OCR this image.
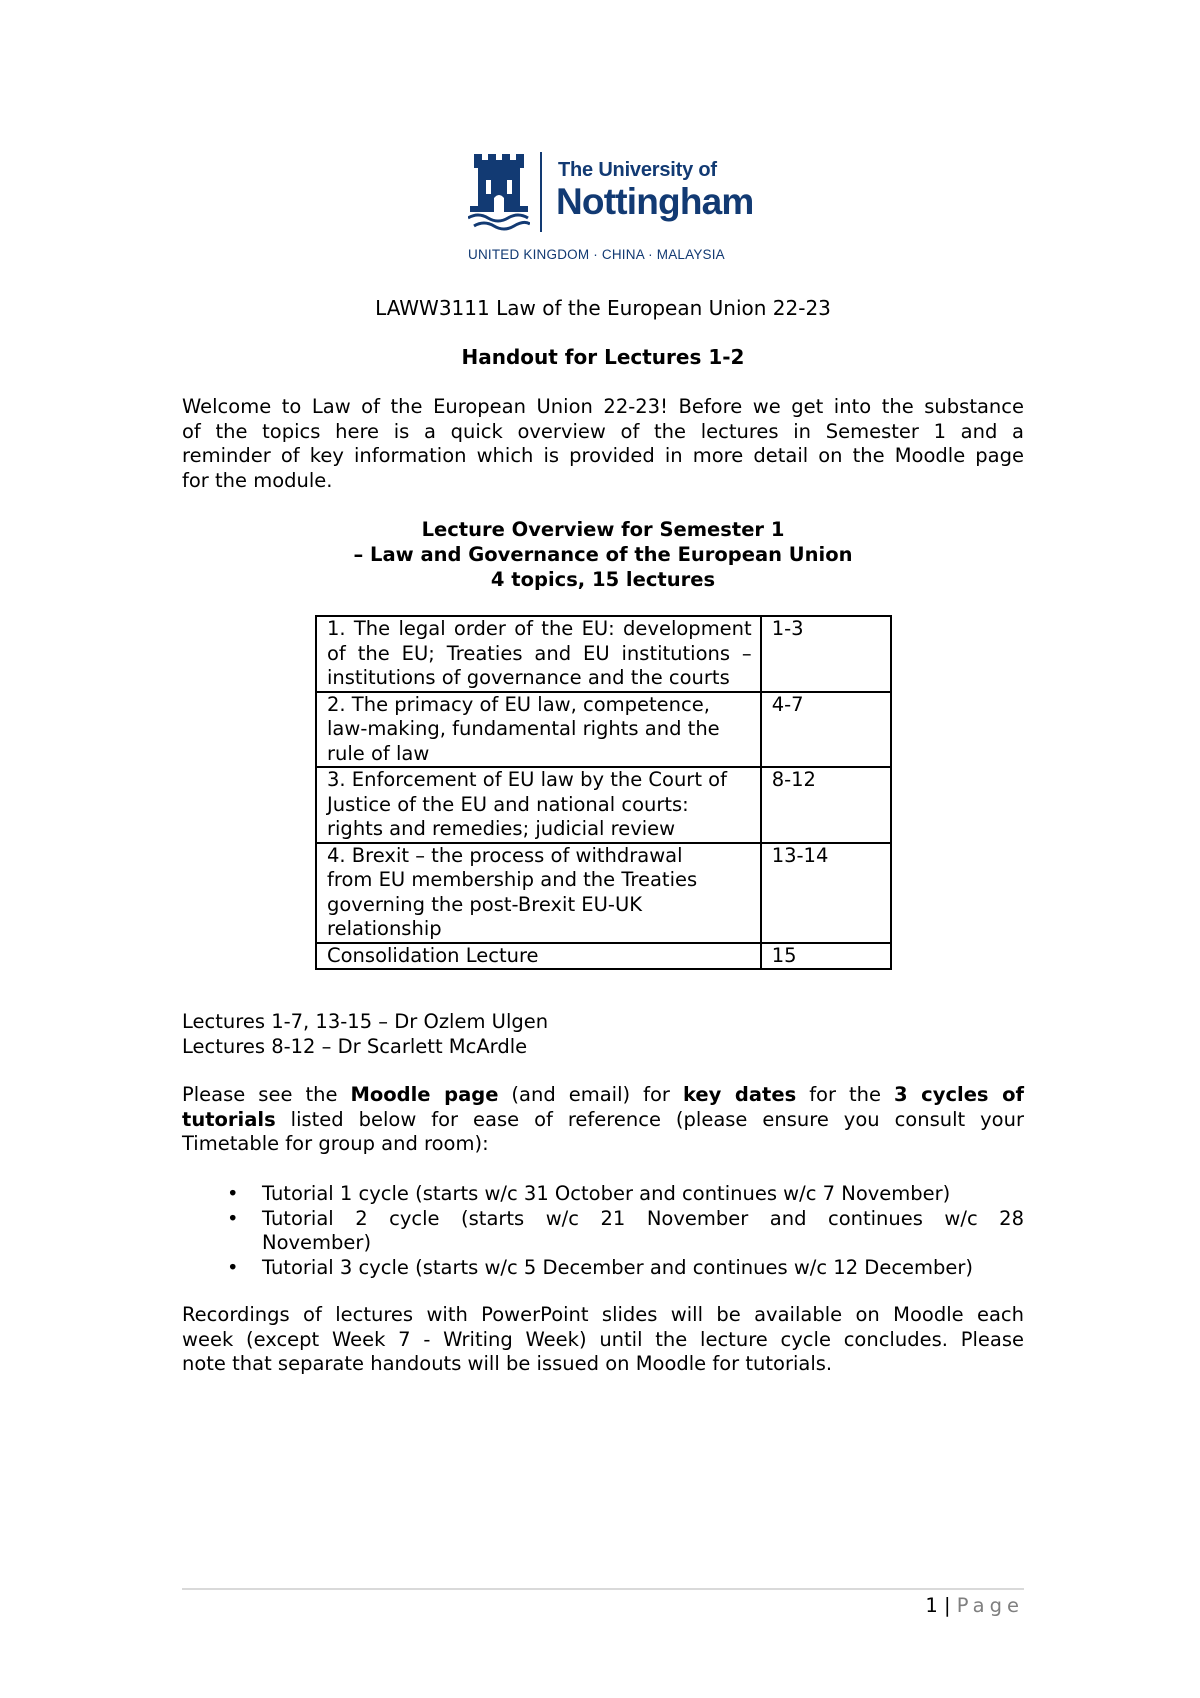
The University of
Nottingham
UNITED KINGDOM · CHINA · MALAYSIA
LAWW3111 Law of the European Union 22-23
Handout for Lectures 1-2
Welcome to Law of the European Union 22-23! Before we get into the substance
of the topics here is a quick overview of the lectures in Semester 1 and a
reminder of key information which is provided in more detail on the Moodle page
for the module.
Lecture Overview for Semester 1
– Law and Governance of the European Union
4 topics, 15 lectures
1. The legal order of the EU: development
of the EU; Treaties and EU institutions –
institutions of governance and the courts	1-3

2. The primacy of EU law, competence,
law-making, fundamental rights and the
rule of law	4-7

3. Enforcement of EU law by the Court of
Justice of the EU and national courts:
rights and remedies; judicial review	8-12

4. Brexit – the process of withdrawal
from EU membership and the Treaties
governing the post-Brexit EU-UK
relationship	13-14

Consolidation Lecture	15
Lectures 1-7, 13-15 – Dr Ozlem Ulgen
Lectures 8-12 – Dr Scarlett McArdle
Please see the Moodle page (and email) for key dates for the 3 cycles of
tutorials listed below for ease of reference (please ensure you consult your
Timetable for group and room):
• Tutorial 1 cycle (starts w/c 31 October and continues w/c 7 November)
• Tutorial 2 cycle (starts w/c 21 November and continues w/c 28
November)
• Tutorial 3 cycle (starts w/c 5 December and continues w/c 12 December)
Recordings of lectures with PowerPoint slides will be available on Moodle each
week (except Week 7 - Writing Week) until the lecture cycle concludes. Please
note that separate handouts will be issued on Moodle for tutorials.
1 | Page
